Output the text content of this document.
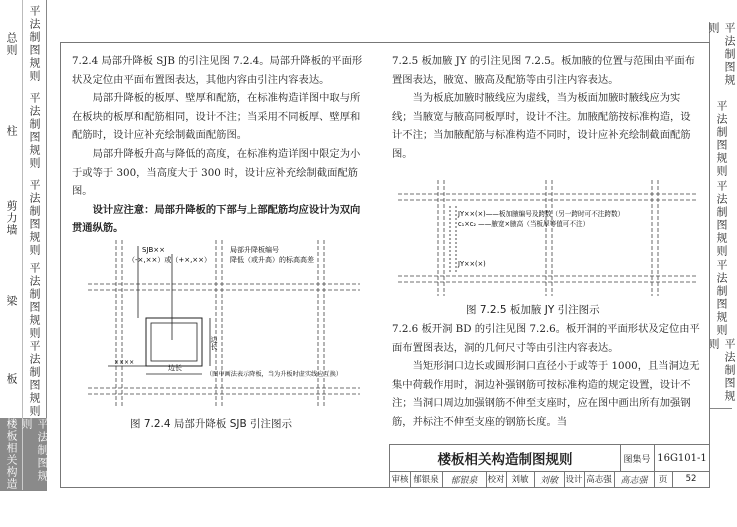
总则 平法制图规则
柱 平法制图规则
剪力墙 平法制图规则
梁 平法制图规则
板 平法制图规则
楼板相关构造	平法制图规则
平法制图规则
平法制图规则
平法制图规则
平法制图规则
平法制图规则

7.2.4 局部升降板 SJB 的引注见图 7.2.4。局部升降板的平面形状及定位由平面布置图表达，其他内容由引注内容表达。

局部升降板的板厚、壁厚和配筋，在标准构造详图中取与所在板块的板厚和配筋相同，设计不注；当采用不同板厚、壁厚和配筋时，设计应补充绘制截面配筋图。

局部升降板升高与降低的高度，在标准构造详图中限定为小于或等于 300，当高度大于 300 时，设计应补充绘制截面配筋图。

设计应注意：局部升降板的下部与上部配筋均应设计为双向贯通纵筋。

SJB××	局部升降板编号
（-×,××）或（+×,××）	降低（或升高）的标高高差
边长
边长
××××
（图中画法表示降板，当为升板时虚实线应互换）
图 7.2.4 局部升降板 SJB 引注图示

7.2.5 板加腋 JY 的引注见图 7.2.5。板加腋的位置与范围由平面布置图表达，腋宽、腋高及配筋等由引注内容表达。

当为板底加腋时腋线应为虚线，当为板面加腋时腋线应为实线；当腋宽与腋高同板厚时，设计不注。加腋配筋按标准构造，设计不注；当加腋配筋与标准构造不同时，设计应补充绘制截面配筋图。

JY××(×)——板加腋编号及跨数（另一跨时可不注跨数）
c₁×c₂ ——腋宽×腋高（当板厚等值可不注）
JY××(×)
图 7.2.5 板加腋 JY 引注图示

7.2.6 板开洞 BD 的引注见图 7.2.6。板开洞的平面形状及定位由平面布置图表达，洞的几何尺寸等由引注内容表达。

当矩形洞口边长或圆形洞口直径小于或等于 1000，且当洞边无集中荷载作用时，洞边补强钢筋可按标准构造的规定设置，设计不注；当洞口周边加强钢筋不伸至支座时，应在图中画出所有加强钢筋，并标注不伸至支座的钢筋长度。当

楼板相关构造制图规则	图集号 16G101-1
审核 郁银泉	郁银泉	校对 刘敏	刘敏 设计 高志强 高志强	页	52
